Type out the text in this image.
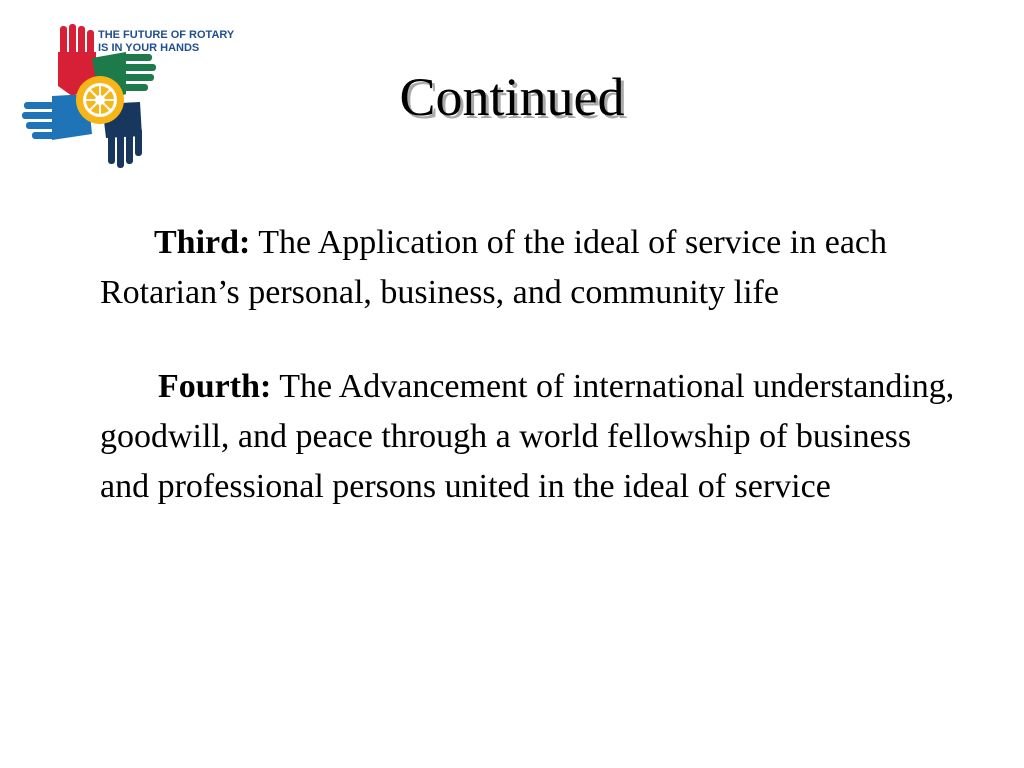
THE FUTURE OF ROTARY
IS IN YOUR HANDS
Continued

Third: The Application of the ideal of service in each Rotarian’s personal, business, and community life

Fourth: The Advancement of international understanding, goodwill, and peace through a world fellowship of business and professional persons united in the ideal of service
